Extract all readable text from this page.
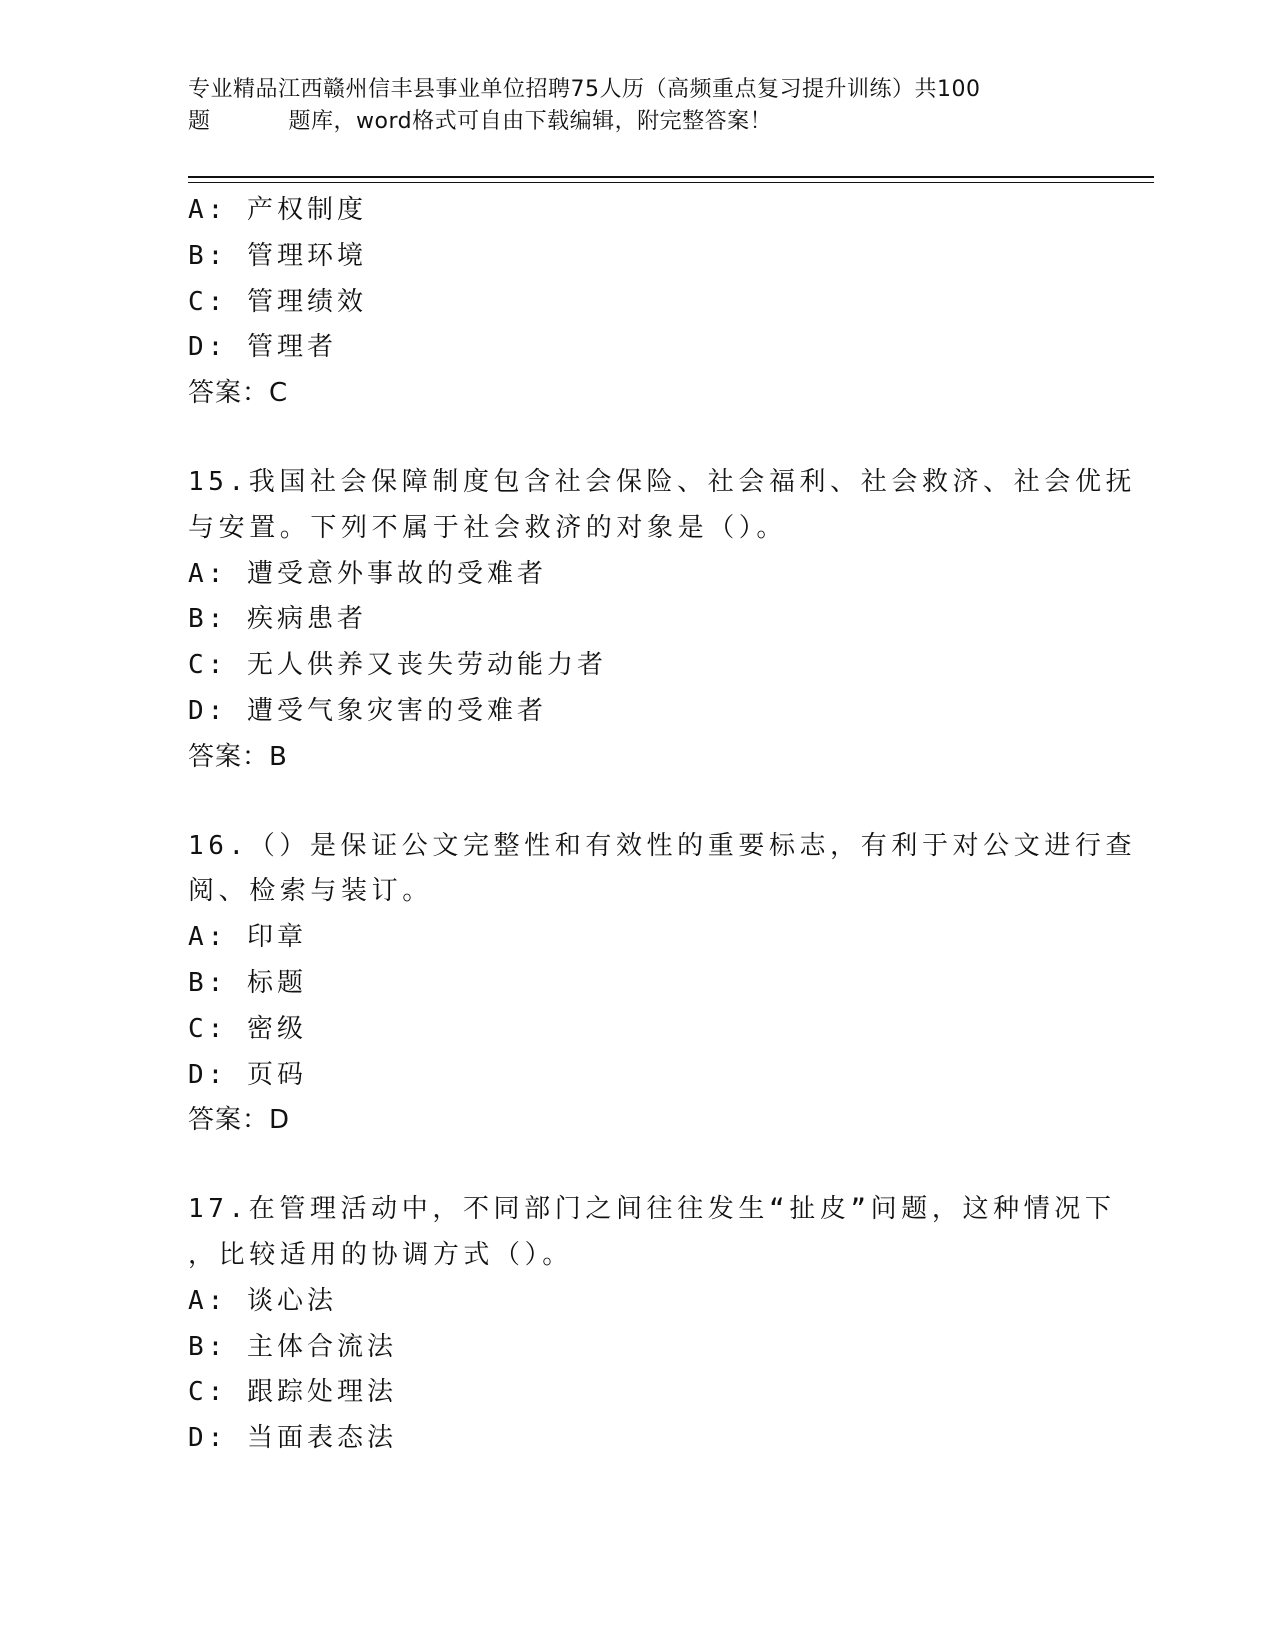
专业精品江西赣州信丰县事业单位招聘75人历（高频重点复习提升训练）共100
题	题库，word格式可自由下载编辑，附完整答案！
A: 产权制度
B: 管理环境
C: 管理绩效
D: 管理者
答案：C
15.我国社会保障制度包含社会保险、社会福利、社会救济、社会优抚
与安置。下列不属于社会救济的对象是（）。
A: 遭受意外事故的受难者
B: 疾病患者
C: 无人供养又丧失劳动能力者
D: 遭受气象灾害的受难者
答案：B
16.（）是保证公文完整性和有效性的重要标志，有利于对公文进行查
阅、检索与装订。
A: 印章
B: 标题
C: 密级
D: 页码
答案：D
17.在管理活动中，不同部门之间往往发生“扯皮”问题，这种情况下
，比较适用的协调方式（）。
A: 谈心法
B: 主体合流法
C: 跟踪处理法
D: 当面表态法
